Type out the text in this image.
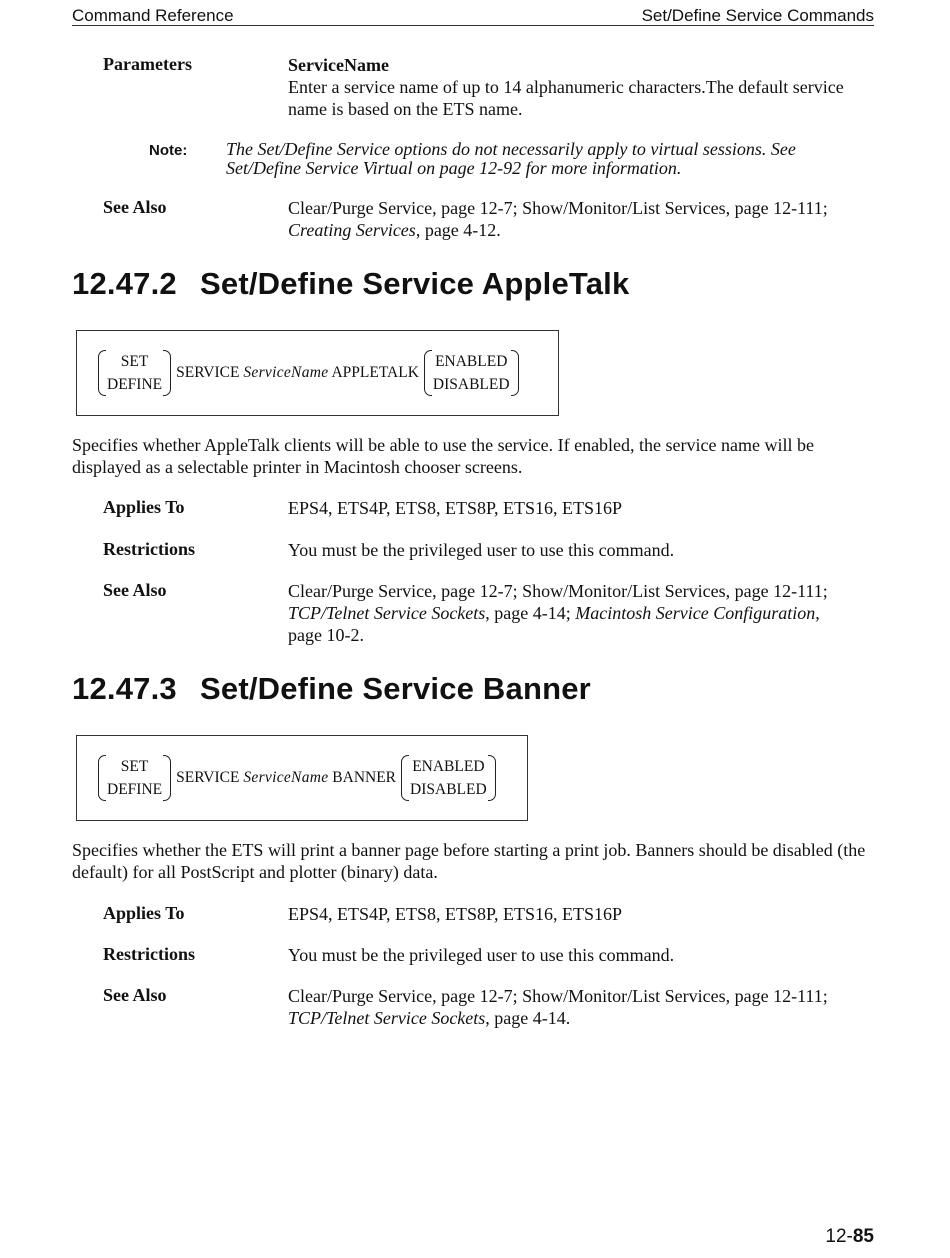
Command Reference	Set/Define Service Commands
Parameters	ServiceName
Enter a service name of up to 14 alphanumeric characters.The default service name is based on the ETS name.
Note: The Set/Define Service options do not necessarily apply to virtual sessions. See Set/Define Service Virtual on page 12-92 for more information.
See Also	Clear/Purge Service, page 12-7; Show/Monitor/List Services, page 12-111;
Creating Services, page 4-12.
12.47.2 Set/Define Service AppleTalk
SET
DEFINE
SERVICE ServiceName APPLETALK
ENABLED
DISABLED
Specifies whether AppleTalk clients will be able to use the service. If enabled, the service name will be displayed as a selectable printer in Macintosh chooser screens.
Applies To	EPS4, ETS4P, ETS8, ETS8P, ETS16, ETS16P
Restrictions	You must be the privileged user to use this command.
See Also	Clear/Purge Service, page 12-7; Show/Monitor/List Services, page 12-111;
TCP/Telnet Service Sockets, page 4-14; Macintosh Service Configuration,
page 10-2.
12.47.3 Set/Define Service Banner
SET
DEFINE
SERVICE ServiceName BANNER
ENABLED
DISABLED
Specifies whether the ETS will print a banner page before starting a print job. Banners should be disabled (the default) for all PostScript and plotter (binary) data.
Applies To	EPS4, ETS4P, ETS8, ETS8P, ETS16, ETS16P
Restrictions	You must be the privileged user to use this command.
See Also	Clear/Purge Service, page 12-7; Show/Monitor/List Services, page 12-111;
TCP/Telnet Service Sockets, page 4-14.
12-85
